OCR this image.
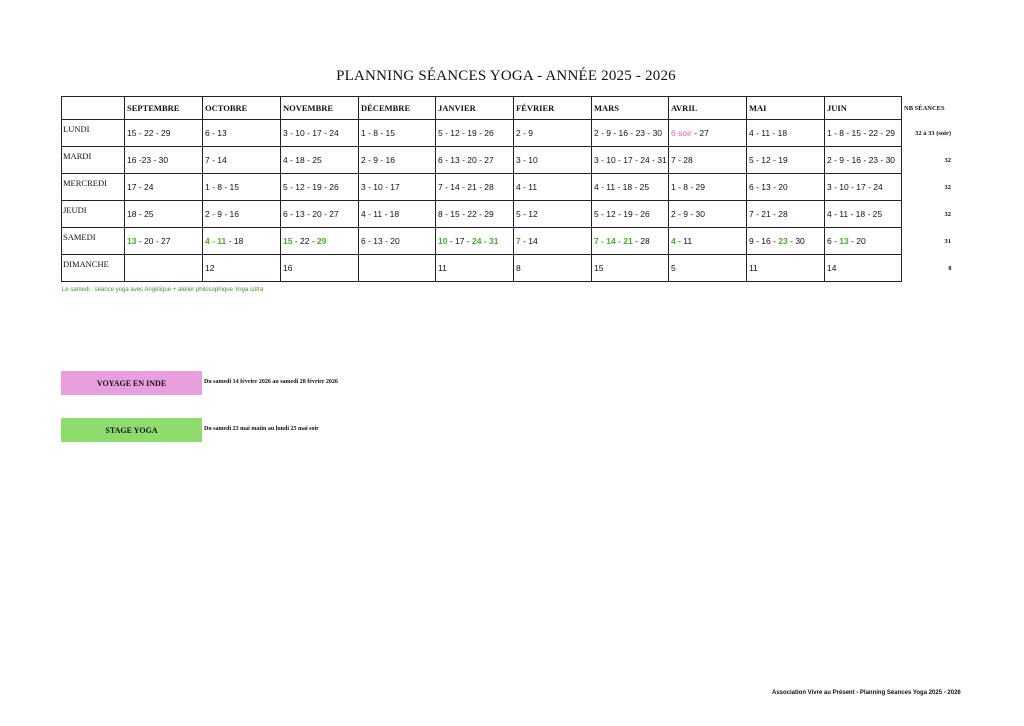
PLANNING SÉANCES YOGA - ANNÉE 2025 - 2026
	SEPTEMBRE	OCTOBRE	NOVEMBRE	DÉCEMBRE	JANVIER	FÉVRIER	MARS	AVRIL	MAI	JUIN	NB SÉANCES
LUNDI	15 - 22 - 29	6 - 13	3 - 10 - 17 - 24	1 - 8 - 15	5 - 12 - 19 - 26	2 - 9	2 - 9 - 16 - 23 - 30	6 soir - 27	4 - 11 - 18	1 - 8 - 15 - 22 - 29	32 à 33 (soir)
MARDI	16 -23 - 30	7 - 14	4 - 18 - 25	2 - 9 - 16	6 - 13 - 20 - 27	3 - 10	3 - 10 - 17 - 24 - 31	7 - 28	5 - 12 - 19	2 - 9 - 16 - 23 - 30	32
MERCREDI	17 - 24	1 - 8 - 15	5 - 12 - 19 - 26	3 - 10 - 17	7 - 14 - 21 - 28	4 - 11	4 - 11 - 18 - 25	1 - 8 - 29	6 - 13 - 20	3 - 10 - 17 - 24	32
JEUDI	18 - 25	2 - 9 - 16	6 - 13 - 20 - 27	4 - 11 - 18	8 - 15 - 22 - 29	5 - 12	5 - 12 - 19 - 26	2 - 9 - 30	7 - 21 - 28	4 - 11 - 18 - 25	32
SAMEDI	13 - 20 - 27	4 - 11 - 18	15 - 22 - 29	6 - 13 - 20	10 - 17 - 24 - 31	7 - 14	7 - 14 - 21 - 28	4 - 11	9 - 16 - 23 - 30	6 - 13 - 20	31
DIMANCHE		12	16		11	8	15	5	11	14	8
Le samedi : séance yoga avec Angélique + atelier philosophique Yoga sûtra
VOYAGE EN INDE	Du samedi 14 février 2026 au samedi 28 février 2026
STAGE YOGA	Du samedi 23 mai matin au lundi 25 mai soir
Association Vivre au Présent - Planning Séances Yoga 2025 - 2026
